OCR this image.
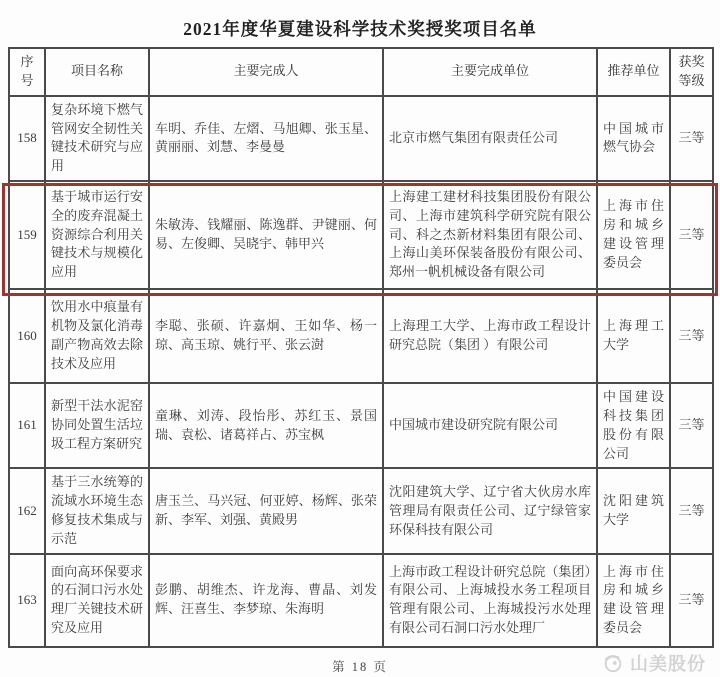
2021年度华夏建设科学技术奖授奖项目名单
序号	项目名称	主要完成人	主要完成单位	推荐单位	获奖等级
158	复杂环境下燃气管网安全韧性关键技术研究与应用	车明、乔佳、左熠、马旭卿、张玉星、黄丽丽、刘慧、李曼曼	北京市燃气集团有限责任公司	中国城市燃气协会	三等
159	基于城市运行安全的废弃混凝土资源综合利用关键技术与规模化应用	朱敏涛、钱耀丽、陈逸群、尹键丽、何易、左俊卿、吴晓宇、韩甲兴	上海建工建材科技集团股份有限公司、上海市建筑科学研究院有限公司、科之杰新材料集团有限公司、上海山美环保装备股份有限公司、郑州一帆机械设备有限公司	上海市住房和城乡建设管理委员会	三等
160	饮用水中痕量有机物及氯化消毒副产物高效去除技术及应用	李聪、张硕、许嘉炯、王如华、杨一琼、高玉琼、姚行平、张云澍	上海理工大学、上海市政工程设计研究总院（集团 ）有限公司	上海理工大学	三等
161	新型干法水泥窑协同处置生活垃圾工程方案研究	童琳、刘涛、段怡彤、苏红玉、景国瑞、袁松、诸葛祥占、苏宝枫	中国城市建设研究院有限公司	中国建设科技集团股份有限公司	三等
162	基于三水统筹的流域水环境生态修复技术集成与示范	唐玉兰、马兴冠、何亚婷、杨辉、张荣新、李军、刘强、黄殿男	沈阳建筑大学、辽宁省大伙房水库管理局有限责任公司、辽宁绿管家环保科技有限公司	沈阳建筑大学	三等
163	面向高环保要求的石洞口污水处理厂关键技术研究及应用	彭鹏、胡维杰、许龙海、曹晶、刘发辉、汪喜生、李梦琼、朱海明	上海市政工程设计研究总院（集团）有限公司、上海城投水务工程项目管理有限公司、上海城投污水处理有限公司石洞口污水处理厂	上海市住房和城乡建设管理委员会	三等
第 18 页	山美股份
